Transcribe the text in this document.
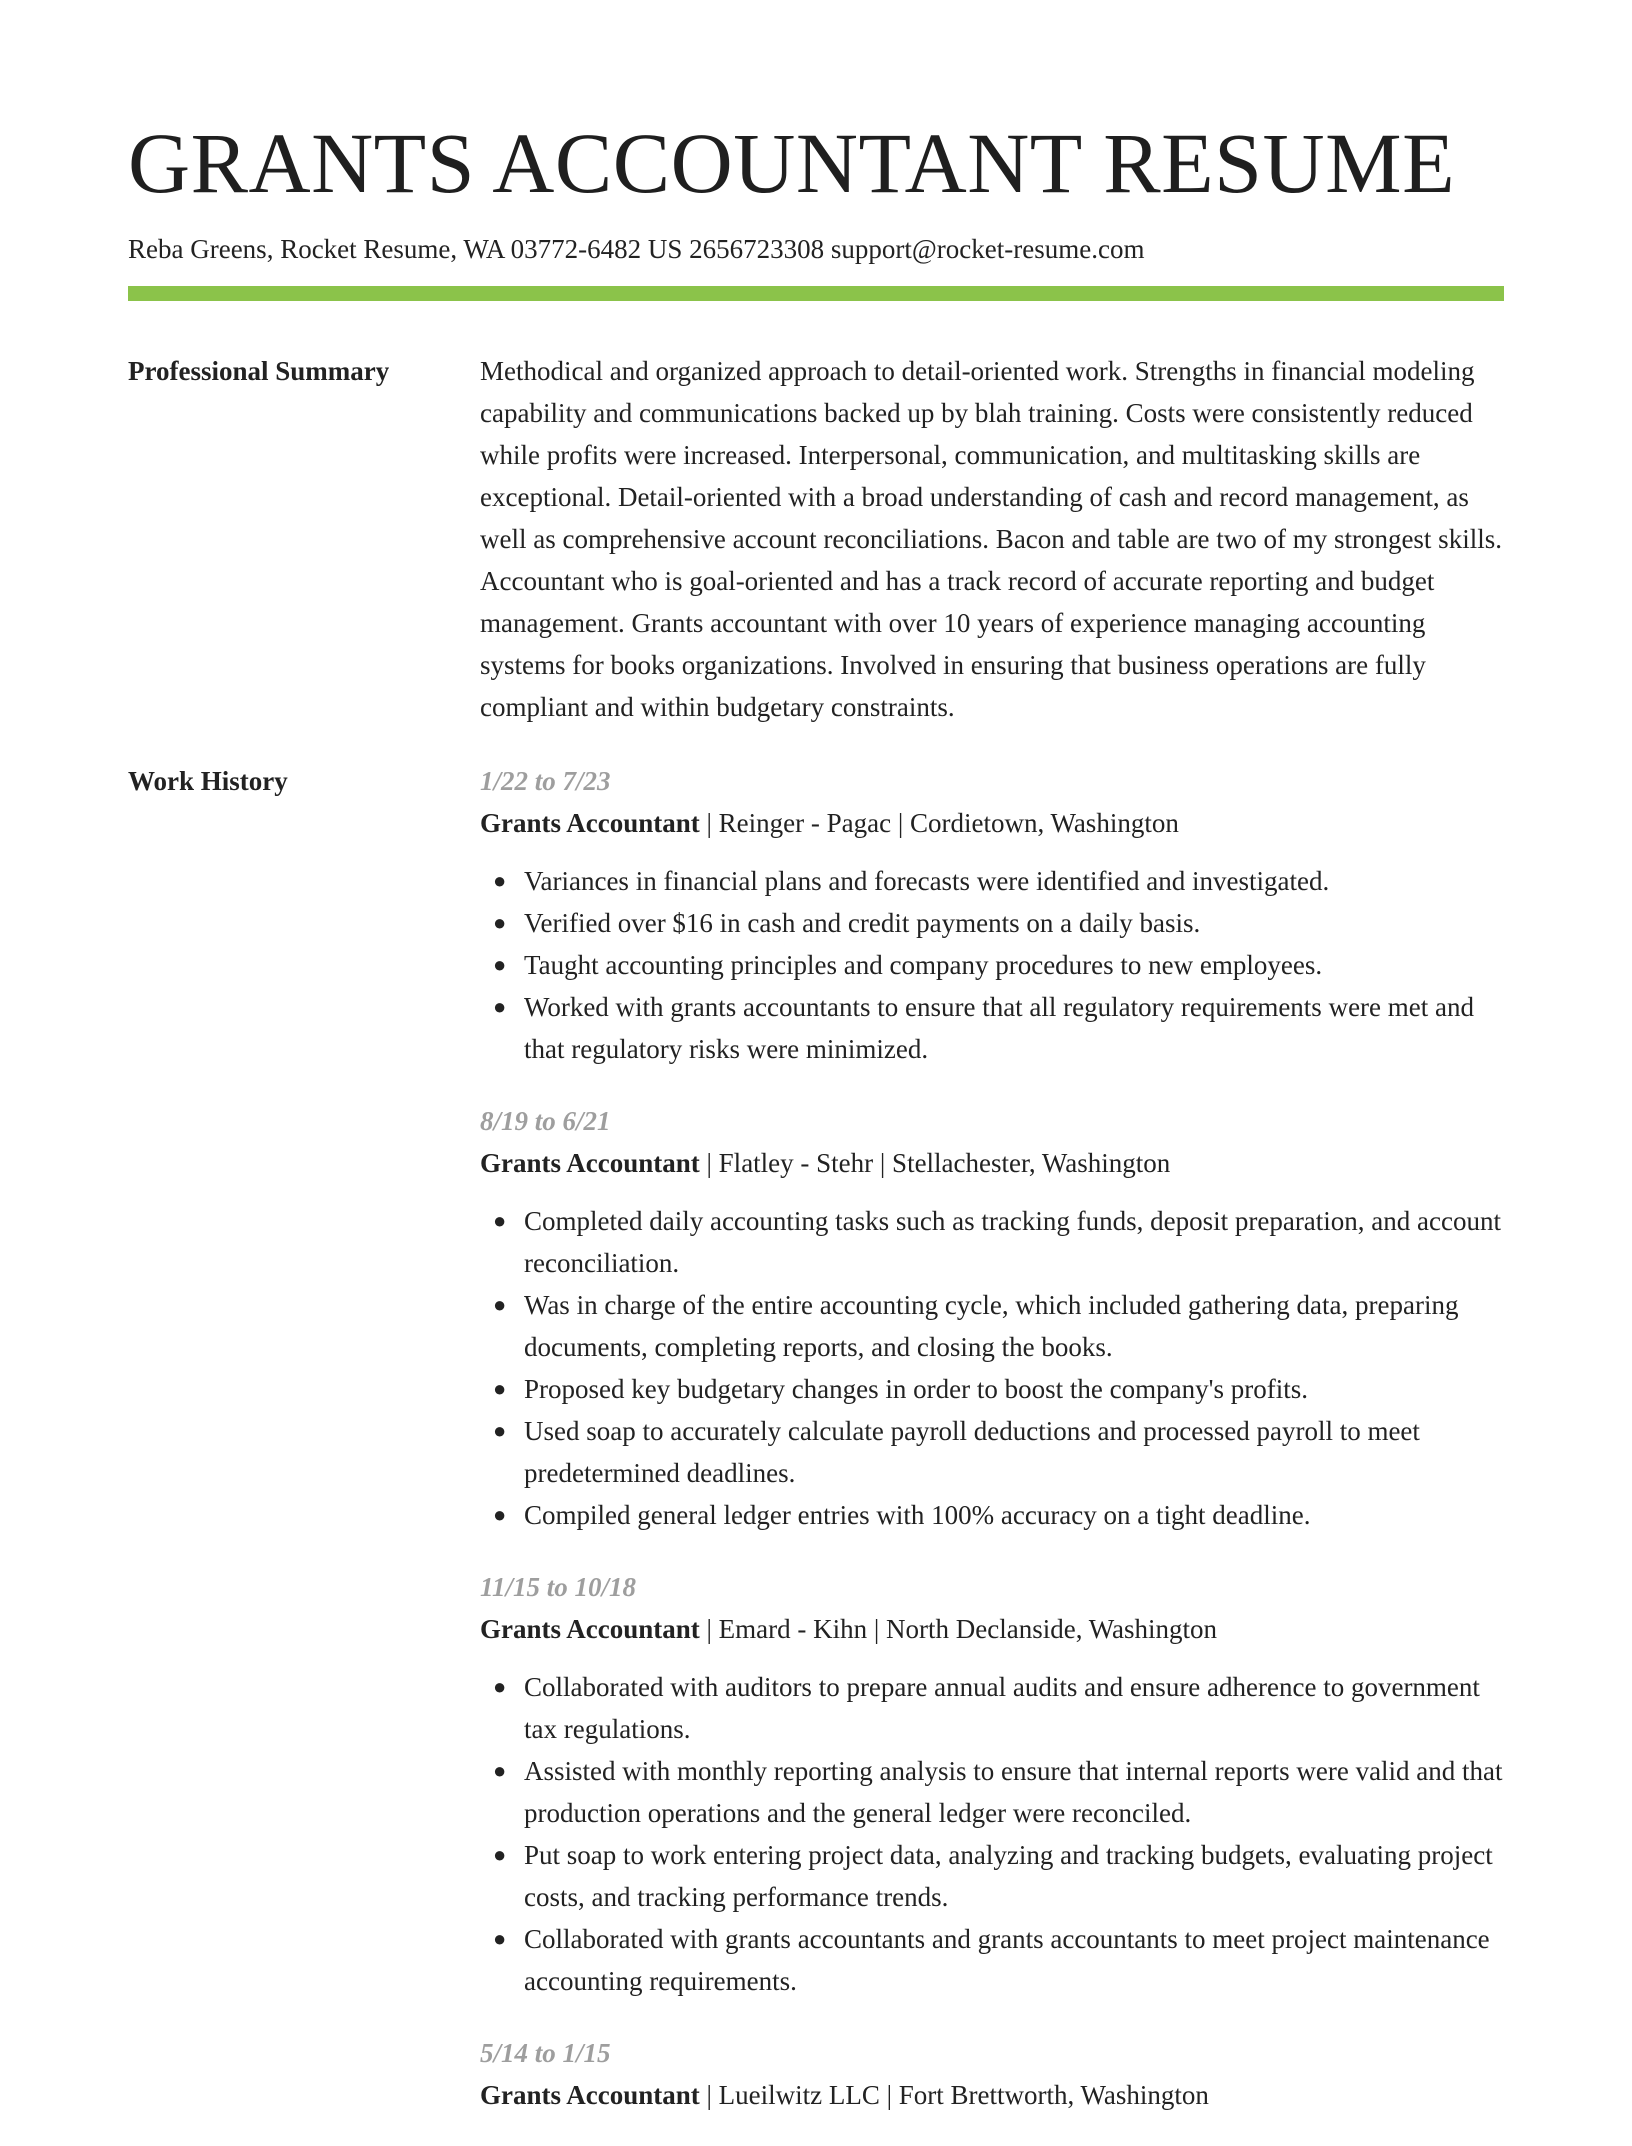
GRANTS ACCOUNTANT RESUME
Reba Greens, Rocket Resume, WA 03772-6482 US 2656723308 support@rocket-resume.com
Professional Summary	Methodical and organized approach to detail-oriented work. Strengths in financial modeling capability and communications backed up by blah training. Costs were consistently reduced while profits were increased. Interpersonal, communication, and multitasking skills are exceptional. Detail-oriented with a broad understanding of cash and record management, as well as comprehensive account reconciliations. Bacon and table are two of my strongest skills. Accountant who is goal-oriented and has a track record of accurate reporting and budget management. Grants accountant with over 10 years of experience managing accounting systems for books organizations. Involved in ensuring that business operations are fully compliant and within budgetary constraints.

Work History	1/22 to 7/23
Grants Accountant | Reinger - Pagac | Cordietown, Washington
● Variances in financial plans and forecasts were identified and investigated.
● Verified over $16 in cash and credit payments on a daily basis.
● Taught accounting principles and company procedures to new employees.
● Worked with grants accountants to ensure that all regulatory requirements were met and that regulatory risks were minimized.
8/19 to 6/21
Grants Accountant | Flatley - Stehr | Stellachester, Washington
● Completed daily accounting tasks such as tracking funds, deposit preparation, and account reconciliation.
● Was in charge of the entire accounting cycle, which included gathering data, preparing documents, completing reports, and closing the books.
● Proposed key budgetary changes in order to boost the company's profits.
● Used soap to accurately calculate payroll deductions and processed payroll to meet predetermined deadlines.
● Compiled general ledger entries with 100% accuracy on a tight deadline.
11/15 to 10/18
Grants Accountant | Emard - Kihn | North Declanside, Washington
● Collaborated with auditors to prepare annual audits and ensure adherence to government tax regulations.
● Assisted with monthly reporting analysis to ensure that internal reports were valid and that production operations and the general ledger were reconciled.
● Put soap to work entering project data, analyzing and tracking budgets, evaluating project costs, and tracking performance trends.
● Collaborated with grants accountants and grants accountants to meet project maintenance accounting requirements.
5/14 to 1/15
Grants Accountant | Lueilwitz LLC | Fort Brettworth, Washington
